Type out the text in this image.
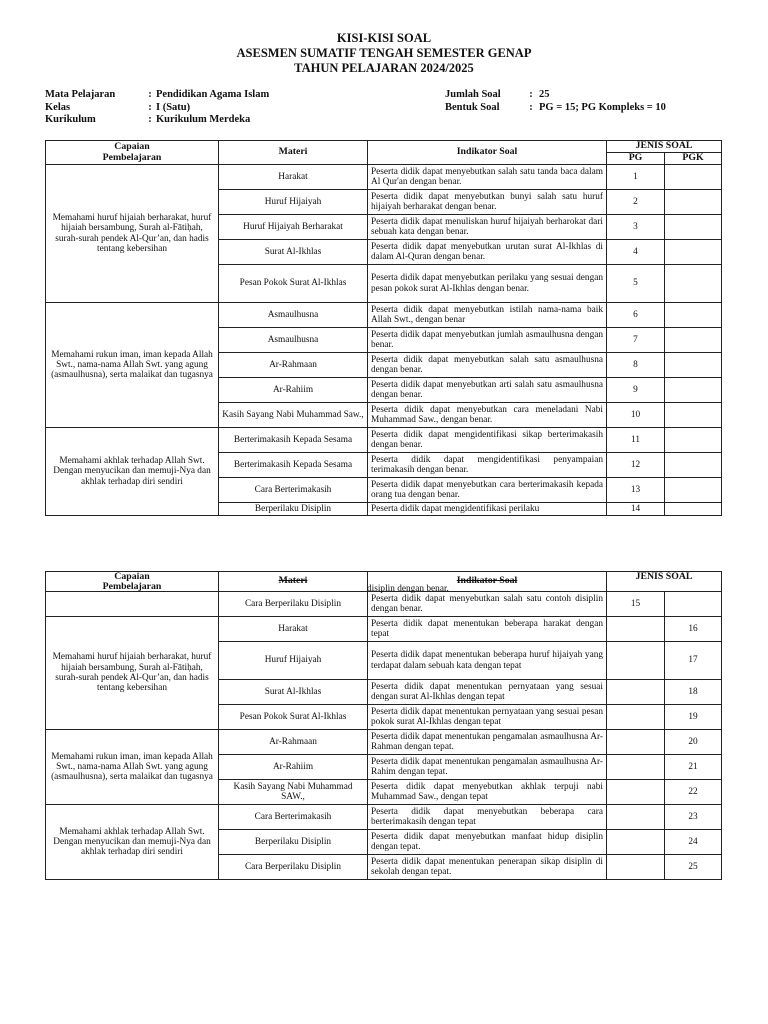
KISI-KISI SOAL
ASESMEN SUMATIF TENGAH SEMESTER GENAP
TAHUN PELAJARAN 2024/2025
Mata Pelajaran	: Pendidikan Agama Islam
Kelas	: I (Satu)
Kurikulum	: Kurikulum Merdeka
Jumlah Soal	: 25
Bentuk Soal	: PG = 15; PG Kompleks = 10
Capaian
Pembelajaran	Materi	Indikator Soal	JENIS SOAL	
			PG	PGK
Memahami huruf hijaiah berharakat, huruf hijaiah bersambung, Surah al-Fātiḥah, surah-surah pendek Al-Qur’an, dan hadis tentang kebersihan	Harakat	Peserta didik dapat menyebutkan salah satu tanda baca dalam Al Qur'an dengan benar.	1	
	Huruf Hijaiyah	Peserta didik dapat menyebutkan bunyi salah satu huruf hijaiyah berharakat dengan benar.	2	
	Huruf Hijaiyah Berharakat	Peserta didik dapat menuliskan huruf hijaiyah berharokat dari sebuah kata dengan benar.	3	
	Surat Al-Ikhlas	Peserta didik dapat menyebutkan urutan surat Al-Ikhlas di dalam Al-Quran dengan benar.	4	
	Pesan Pokok Surat Al-Ikhlas	Peserta didik dapat menyebutkan perilaku yang sesuai dengan pesan pokok surat Al-Ikhlas dengan benar.	5	
Memahami rukun iman, iman kepada Allah Swt., nama-nama Allah Swt. yang agung (asmaulhusna), serta malaikat dan tugasnya	Asmaulhusna	Peserta didik dapat menyebutkan istilah nama-nama baik Allah Swt., dengan benar	6	
	Asmaulhusna	Peserta didik dapat menyebutkan jumlah asmaulhusna dengan benar.	7	
	Ar-Rahmaan	Peserta didik dapat menyebutkan salah satu asmaulhusna dengan benar.	8	
	Ar-Rahiim	Peserta didik dapat menyebutkan arti salah satu asmaulhusna dengan benar.	9	
	Kasih Sayang Nabi Muhammad Saw.,	Peserta didik dapat menyebutkan cara meneladani Nabi Muhammad Saw., dengan benar.	10	
Memahami akhlak terhadap Allah Swt. Dengan menyucikan dan memuji-Nya dan akhlak terhadap diri sendiri	Berterimakasih Kepada Sesama	Peserta didik dapat mengidentifikasi sikap berterimakasih dengan benar.	11	
	Berterimakasih Kepada Sesama	Peserta didik dapat mengidentifikasi penyampaian terimakasih dengan benar.	12	
	Cara Berterimakasih	Peserta didik dapat menyebutkan cara berterimakasih kepada orang tua dengan benar.	13	
	Berperilaku Disiplin	Peserta didik dapat mengidentifikasi perilaku	14	
Capaian
Pembelajaran	Materi	Indikator Soal	JENIS SOAL	
	Cara Berperilaku Disiplin	Peserta didik dapat menyebutkan salah satu contoh disiplin dengan benar.	15	
Memahami huruf hijaiah berharakat, huruf hijaiah bersambung, Surah al-Fātiḥah, surah-surah pendek Al-Qur’an, dan hadis tentang kebersihan	Harakat	Peserta didik dapat menentukan beberapa harakat dengan tepat		16
	Huruf Hijaiyah	Peserta didik dapat menentukan beberapa huruf hijaiyah yang terdapat dalam sebuah kata dengan tepat		17
	Surat Al-Ikhlas	Peserta didik dapat menentukan pernyataan yang sesuai dengan surat Al-Ikhlas dengan tepat		18
	Pesan Pokok Surat Al-Ikhlas	Peserta didik dapat menentukan pernyataan yang sesuai pesan pokok surat Al-Ikhlas dengan tepat		19
Memahami rukun iman, iman kepada Allah Swt., nama-nama Allah Swt. yang agung (asmaulhusna), serta malaikat dan tugasnya	Ar-Rahmaan	Peserta didik dapat menentukan pengamalan asmaulhusna Ar-Rahman dengan tepat.		20
	Ar-Rahiim	Peserta didik dapat menentukan pengamalan asmaulhusna Ar-Rahim dengan tepat.		21
	Kasih Sayang Nabi Muhammad SAW.,	Peserta didik dapat menyebutkan akhlak terpuji nabi Muhammad Saw., dengan tepat		22
Memahami akhlak terhadap Allah Swt. Dengan menyucikan dan memuji-Nya dan akhlak terhadap diri sendiri	Cara Berterimakasih	Peserta didik dapat menyebutkan beberapa cara berterimakasih dengan tepat		23
	Berperilaku Disiplin	Peserta didik dapat menyebutkan manfaat hidup disiplin dengan tepat.		24
	Cara Berperilaku Disiplin	Peserta didik dapat menentukan penerapan sikap disiplin di sekolah dengan tepat.		25
disiplin dengan benar.
